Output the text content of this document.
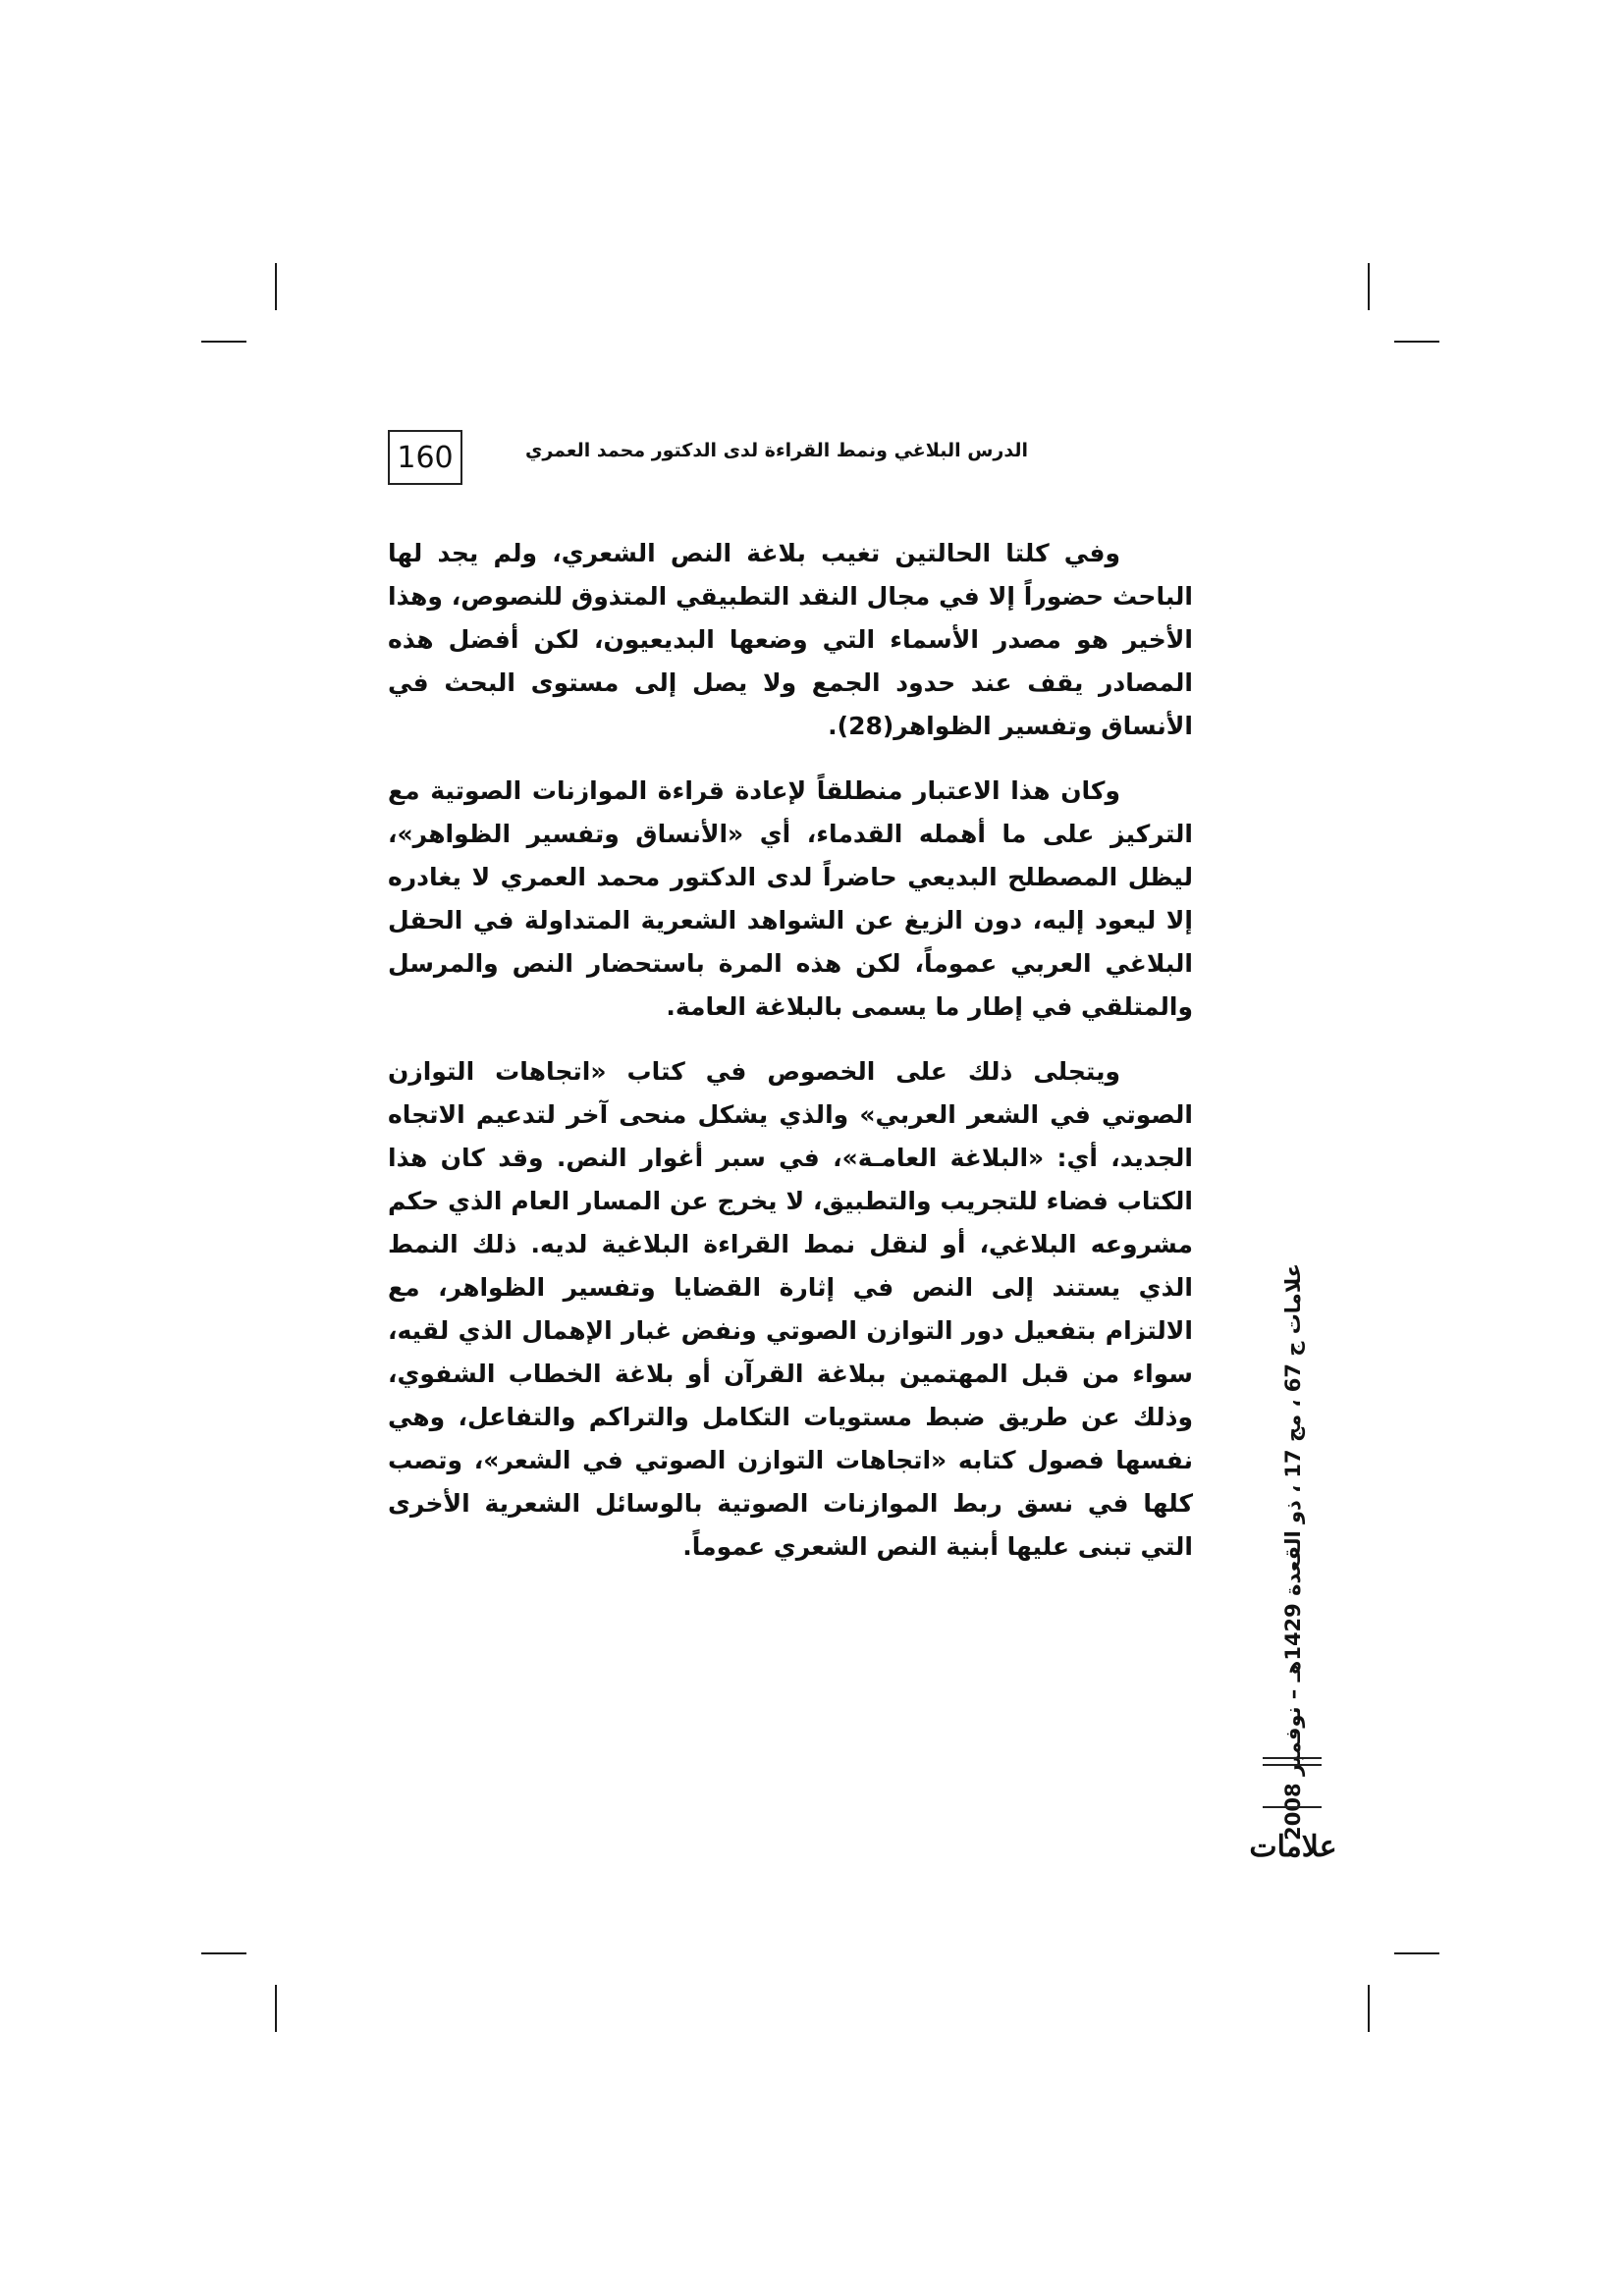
160	الدرس البلاغي ونمط القراءة لدى الدكتور محمد العمري

وفي كلتا الحالتين تغيب بلاغة النص الشعري، ولم يجد لها الباحث حضوراً إلا في مجال النقد التطبيقي المتذوق للنصوص، وهذا الأخير هو مصدر الأسماء التي وضعها البديعيون، لكن أفضل هذه المصادر يقف عند حدود الجمع ولا يصل إلى مستوى البحث في الأنساق وتفسير الظواهر(28).

وكان هذا الاعتبار منطلقاً لإعادة قراءة الموازنات الصوتية مع التركيز على ما أهمله القدماء، أي «الأنساق وتفسير الظواهر»، ليظل المصطلح البديعي حاضراً لدى الدكتور محمد العمري لا يغادره إلا ليعود إليه، دون الزيغ عن الشواهد الشعرية المتداولة في الحقل البلاغي العربي عموماً، لكن هذه المرة باستحضار النص والمرسل والمتلقي في إطار ما يسمى بالبلاغة العامة.

ويتجلى ذلك على الخصوص في كتاب «اتجاهات التوازن الصوتي في الشعر العربي» والذي يشكل منحى آخر لتدعيم الاتجاه الجديد، أي: «البلاغة العامـة»، في سبر أغوار النص. وقد كان هذا الكتاب فضاء للتجريب والتطبيق، لا يخرج عن المسار العام الذي حكم مشروعه البلاغي، أو لنقل نمط القراءة البلاغية لديه. ذلك النمط الذي يستند إلى النص في إثارة القضايا وتفسير الظواهر، مع الالتزام بتفعيل دور التوازن الصوتي ونفض غبار الإهمال الذي لقيه، سواء من قبل المهتمين ببلاغة القرآن أو بلاغة الخطاب الشفوي، وذلك عن طريق ضبط مستويات التكامل والتراكم والتفاعل، وهي نفسها فصول كتابه «اتجاهات التوازن الصوتي في الشعر»، وتصب كلها في نسق ربط الموازنات الصوتية بالوسائل الشعرية الأخرى التي تبنى عليها أبنية النص الشعري عموماً.

علامات ج 67 ، مج 17 ، ذو القعدة 1429هـ – نوفمبر 2008
علامات
